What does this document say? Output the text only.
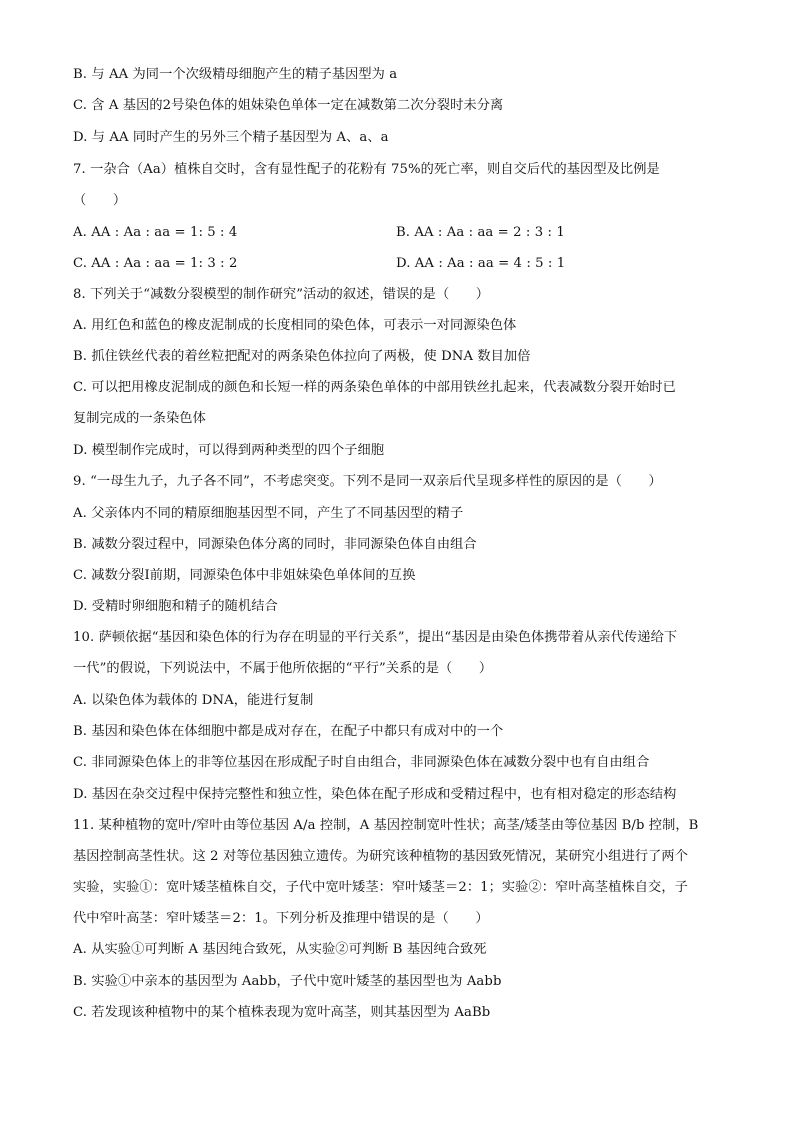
B. 与 AA 为同一个次级精母细胞产生的精子基因型为 a
C. 含 A 基因的2号染色体的姐妹染色单体一定在减数第二次分裂时未分离
D. 与 AA 同时产生的另外三个精子基因型为 A、a、a
7. 一杂合（Aa）植株自交时，含有显性配子的花粉有 75%的死亡率，则自交后代的基因型及比例是
（　　）
A. AA : Aa : aa = 1: 5 : 4	B. AA : Aa : aa = 2 : 3 : 1
C. AA : Aa : aa = 1: 3 : 2	D. AA : Aa : aa = 4 : 5 : 1
8. 下列关于“减数分裂模型的制作研究”活动的叙述，错误的是（　　）
A. 用红色和蓝色的橡皮泥制成的长度相同的染色体，可表示一对同源染色体
B. 抓住铁丝代表的着丝粒把配对的两条染色体拉向了两极，使 DNA 数目加倍
C. 可以把用橡皮泥制成的颜色和长短一样的两条染色单体的中部用铁丝扎起来，代表减数分裂开始时已
复制完成的一条染色体
D. 模型制作完成时，可以得到两种类型的四个子细胞
9. “一母生九子，九子各不同”，不考虑突变。下列不是同一双亲后代呈现多样性的原因的是（　　）
A. 父亲体内不同的精原细胞基因型不同，产生了不同基因型的精子
B. 减数分裂过程中，同源染色体分离的同时，非同源染色体自由组合
C. 减数分裂Ⅰ前期，同源染色体中非姐妹染色单体间的互换
D. 受精时卵细胞和精子的随机结合
10. 萨顿依据“基因和染色体的行为存在明显的平行关系”，提出“基因是由染色体携带着从亲代传递给下
一代”的假说，下列说法中，不属于他所依据的“平行”关系的是（　　）
A. 以染色体为载体的 DNA，能进行复制
B. 基因和染色体在体细胞中都是成对存在，在配子中都只有成对中的一个
C. 非同源染色体上的非等位基因在形成配子时自由组合，非同源染色体在减数分裂中也有自由组合
D. 基因在杂交过程中保持完整性和独立性，染色体在配子形成和受精过程中，也有相对稳定的形态结构
11. 某种植物的宽叶/窄叶由等位基因 A/a 控制，A 基因控制宽叶性状；高茎/矮茎由等位基因 B/b 控制，B
基因控制高茎性状。这 2 对等位基因独立遗传。为研究该种植物的基因致死情况，某研究小组进行了两个
实验，实验①：宽叶矮茎植株自交，子代中宽叶矮茎：窄叶矮茎＝2：1；实验②：窄叶高茎植株自交，子
代中窄叶高茎：窄叶矮茎＝2：1。下列分析及推理中错误的是（　　）
A. 从实验①可判断 A 基因纯合致死，从实验②可判断 B 基因纯合致死
B. 实验①中亲本的基因型为 Aabb，子代中宽叶矮茎的基因型也为 Aabb
C. 若发现该种植物中的某个植株表现为宽叶高茎，则其基因型为 AaBb
